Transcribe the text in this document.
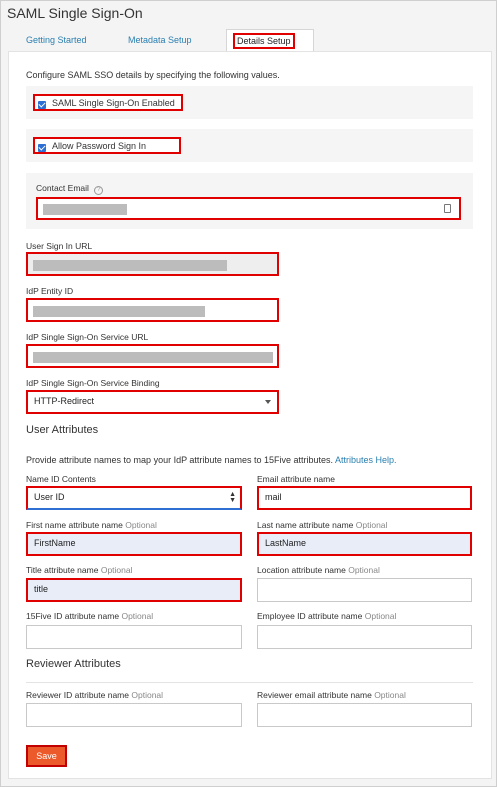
SAML Single Sign-On
Getting Started	Metadata Setup	Details Setup
Configure SAML SSO details by specifying the following values.
SAML Single Sign-On Enabled
Allow Password Sign In
Contact Email ?
User Sign In URL
IdP Entity ID
IdP Single Sign-On Service URL
IdP Single Sign-On Service Binding
HTTP-Redirect
User Attributes
Provide attribute names to map your IdP attribute names to 15Five attributes. Attributes Help.
Name ID Contents
User ID	▲
▼
Email attribute name
mail
First name attribute name Optional
FirstName
Last name attribute name Optional
LastName
Title attribute name Optional
title
Location attribute name Optional
15Five ID attribute name Optional	Employee ID attribute name Optional
Reviewer Attributes
Reviewer ID attribute name Optional	Reviewer email attribute name Optional
Save
